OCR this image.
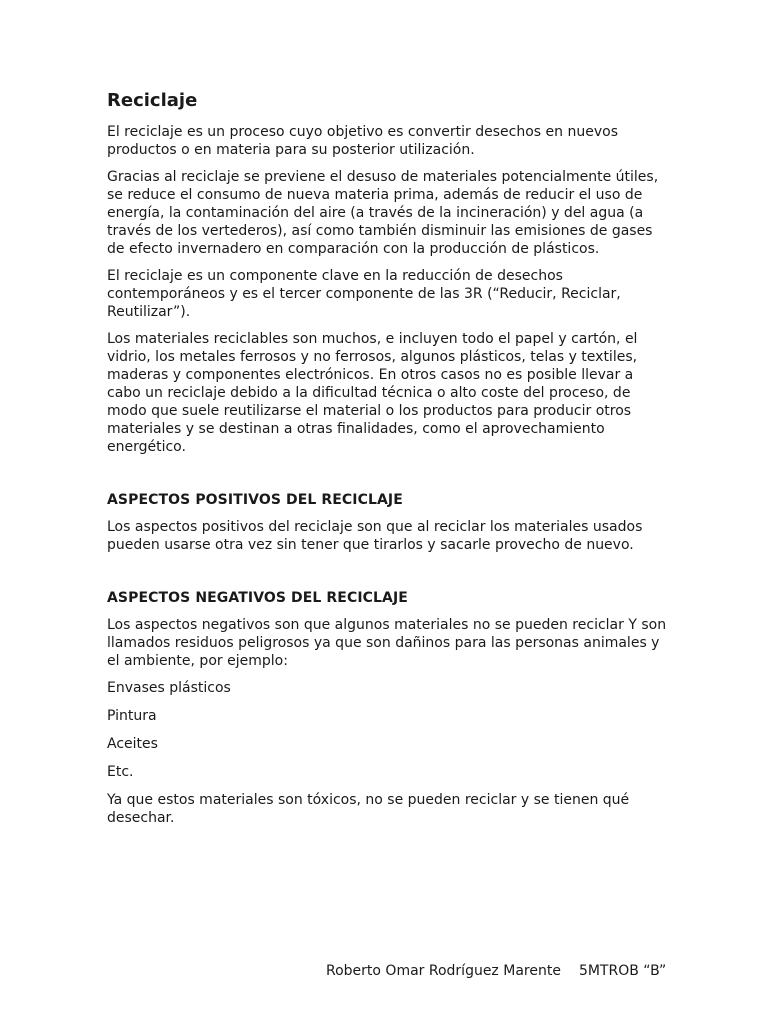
Reciclaje

El reciclaje es un proceso cuyo objetivo es convertir desechos en nuevos productos o en materia para su posterior utilización.

Gracias al reciclaje se previene el desuso de materiales potencialmente útiles, se reduce el consumo de nueva materia prima, además de reducir el uso de energía, la contaminación del aire (a través de la incineración) y del agua (a través de los vertederos), así como también disminuir las emisiones de gases de efecto invernadero en comparación con la producción de plásticos.

El reciclaje es un componente clave en la reducción de desechos contemporáneos y es el tercer componente de las 3R (“Reducir, Reciclar, Reutilizar”).

Los materiales reciclables son muchos, e incluyen todo el papel y cartón, el vidrio, los metales ferrosos y no ferrosos, algunos plásticos, telas y textiles, maderas y componentes electrónicos. En otros casos no es posible llevar a cabo un reciclaje debido a la dificultad técnica o alto coste del proceso, de modo que suele reutilizarse el material o los productos para producir otros materiales y se destinan a otras finalidades, como el aprovechamiento energético.

ASPECTOS POSITIVOS DEL RECICLAJE

Los aspectos positivos del reciclaje son que al reciclar los materiales usados pueden usarse otra vez sin tener que tirarlos y sacarle provecho de nuevo.

ASPECTOS NEGATIVOS DEL RECICLAJE

Los aspectos negativos son que algunos materiales no se pueden reciclar Y son llamados residuos peligrosos ya que son dañinos para las personas animales y el ambiente, por ejemplo:

Envases plásticos
Pintura
Aceites
Etc.

Ya que estos materiales son tóxicos, no se pueden reciclar y se tienen qué desechar.

Roberto Omar Rodríguez Marente 5MTROB “B”
